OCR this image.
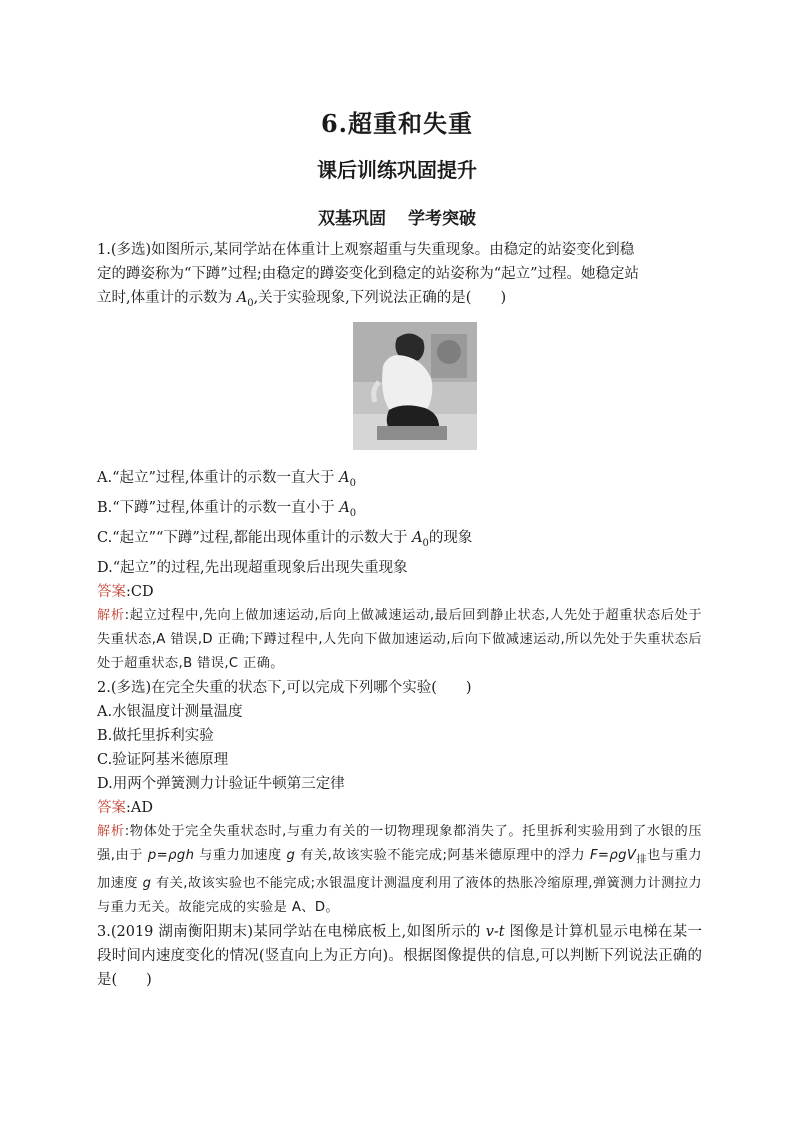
6.超重和失重
课后训练巩固提升
双基巩固 学考突破
1.(多选)如图所示,某同学站在体重计上观察超重与失重现象。由稳定的站姿变化到稳
定的蹲姿称为“下蹲”过程;由稳定的蹲姿变化到稳定的站姿称为“起立”过程。她稳定站
立时,体重计的示数为 $A_0$,关于实验现象,下列说法正确的是(　　)
A.“起立”过程,体重计的示数一直大于 $A_0$
B.“下蹲”过程,体重计的示数一直小于 $A_0$
C.“起立”“下蹲”过程,都能出现体重计的示数大于 $A_0$的现象
D.“起立”的过程,先出现超重现象后出现失重现象
答案:CD
解析:起立过程中,先向上做加速运动,后向上做减速运动,最后回到静止状态,人先处于超重状态后处于失重状态,A 错误,D 正确;下蹲过程中,人先向下做加速运动,后向下做减速运动,所以先处于失重状态后处于超重状态,B 错误,C 正确。
2.(多选)在完全失重的状态下,可以完成下列哪个实验(　　)
A.水银温度计测量温度
B.做托里拆利实验
C.验证阿基米德原理
D.用两个弹簧测力计验证牛顿第三定律
答案:AD
解析:物体处于完全失重状态时,与重力有关的一切物理现象都消失了。托里拆利实验用到了水银的压强,由于 p=ρgh 与重力加速度 g 有关,故该实验不能完成;阿基米德原理中的浮力 F=ρgV$_排$也与重力加速度 g 有关,故该实验也不能完成;水银温度计测温度利用了液体的热胀冷缩原理,弹簧测力计测拉力与重力无关。故能完成的实验是 A、D。
3.(2019 湖南衡阳期末)某同学站在电梯底板上,如图所示的 v-t 图像是计算机显示电梯在某一段时间内速度变化的情况(竖直向上为正方向)。根据图像提供的信息,可以判断下列说法正确的是(　　)
